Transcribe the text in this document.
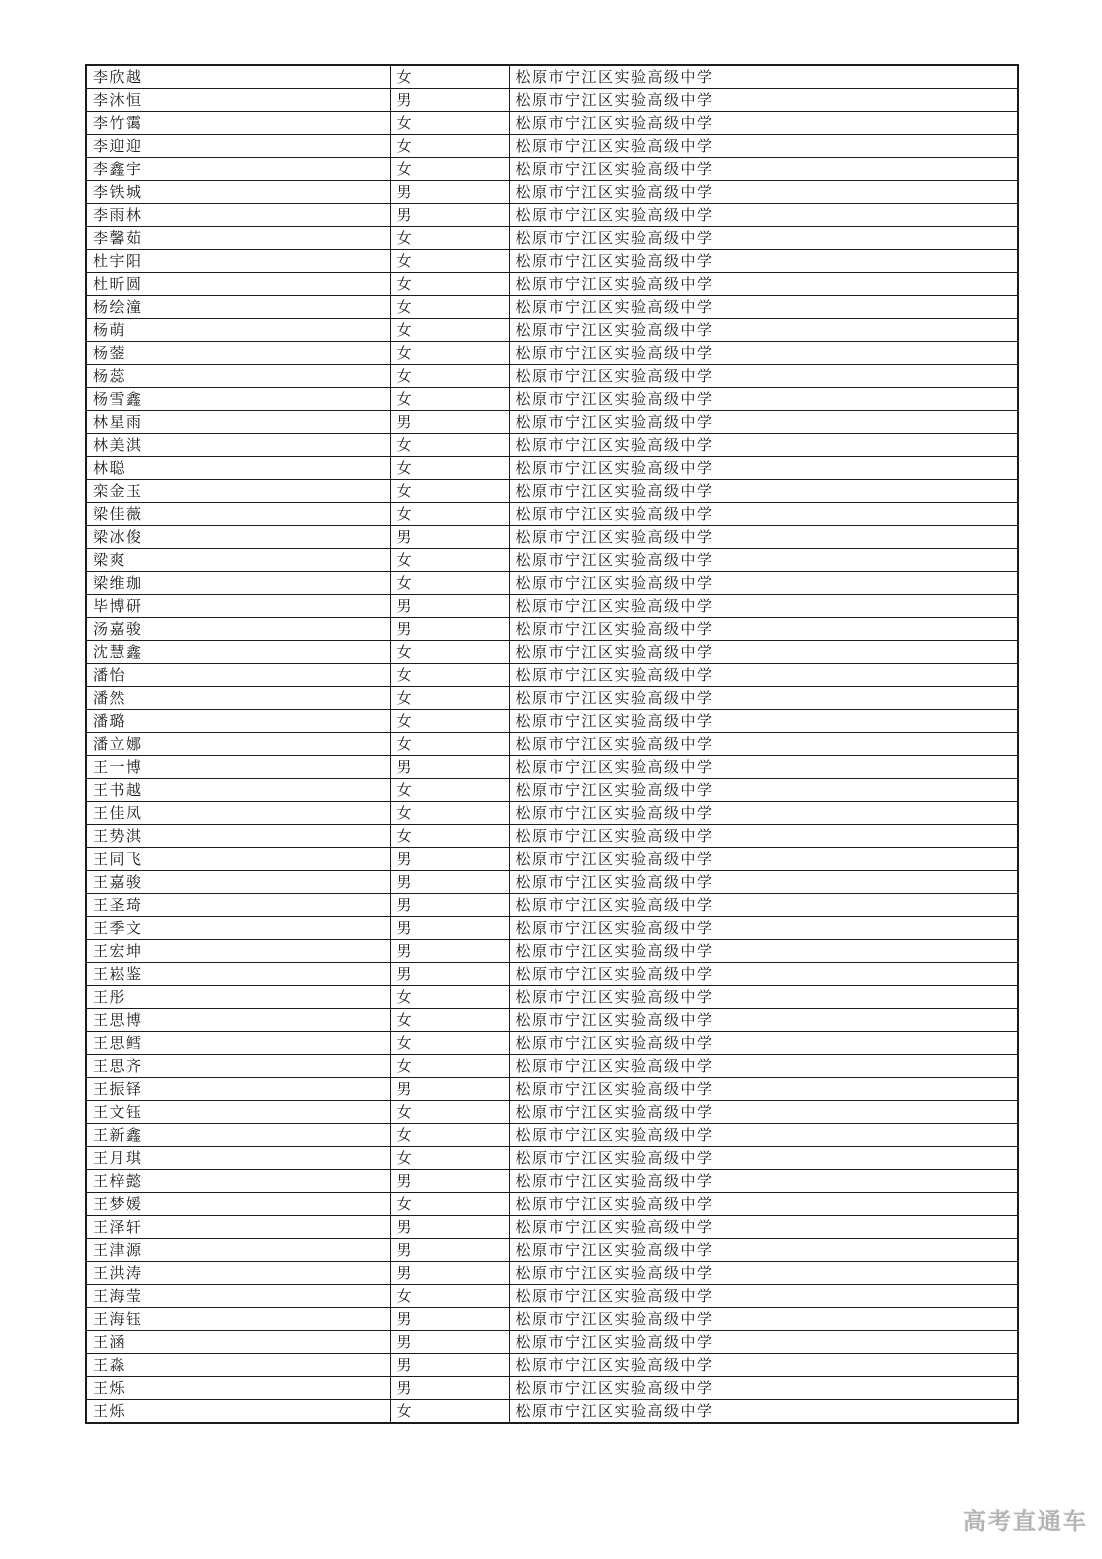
李欣越	女	松原市宁江区实验高级中学
李沐恒	男	松原市宁江区实验高级中学
李竹霭	女	松原市宁江区实验高级中学
李迎迎	女	松原市宁江区实验高级中学
李鑫宇	女	松原市宁江区实验高级中学
李铁城	男	松原市宁江区实验高级中学
李雨林	男	松原市宁江区实验高级中学
李馨茹	女	松原市宁江区实验高级中学
杜宇阳	女	松原市宁江区实验高级中学
杜昕圆	女	松原市宁江区实验高级中学
杨绘潼	女	松原市宁江区实验高级中学
杨萌	女	松原市宁江区实验高级中学
杨蓥	女	松原市宁江区实验高级中学
杨蕊	女	松原市宁江区实验高级中学
杨雪鑫	女	松原市宁江区实验高级中学
林星雨	男	松原市宁江区实验高级中学
林美淇	女	松原市宁江区实验高级中学
林聪	女	松原市宁江区实验高级中学
栾金玉	女	松原市宁江区实验高级中学
梁佳薇	女	松原市宁江区实验高级中学
梁冰俊	男	松原市宁江区实验高级中学
梁爽	女	松原市宁江区实验高级中学
梁维珈	女	松原市宁江区实验高级中学
毕博研	男	松原市宁江区实验高级中学
汤嘉骏	男	松原市宁江区实验高级中学
沈慧鑫	女	松原市宁江区实验高级中学
潘怡	女	松原市宁江区实验高级中学
潘然	女	松原市宁江区实验高级中学
潘璐	女	松原市宁江区实验高级中学
潘立娜	女	松原市宁江区实验高级中学
王一博	男	松原市宁江区实验高级中学
王书越	女	松原市宁江区实验高级中学
王佳凤	女	松原市宁江区实验高级中学
王势淇	女	松原市宁江区实验高级中学
王同飞	男	松原市宁江区实验高级中学
王嘉骏	男	松原市宁江区实验高级中学
王圣琦	男	松原市宁江区实验高级中学
王季文	男	松原市宁江区实验高级中学
王宏坤	男	松原市宁江区实验高级中学
王崧鉴	男	松原市宁江区实验高级中学
王彤	女	松原市宁江区实验高级中学
王思博	女	松原市宁江区实验高级中学
王思鳕	女	松原市宁江区实验高级中学
王思齐	女	松原市宁江区实验高级中学
王振铎	男	松原市宁江区实验高级中学
王文钰	女	松原市宁江区实验高级中学
王新鑫	女	松原市宁江区实验高级中学
王月琪	女	松原市宁江区实验高级中学
王梓懿	男	松原市宁江区实验高级中学
王梦媛	女	松原市宁江区实验高级中学
王泽轩	男	松原市宁江区实验高级中学
王津源	男	松原市宁江区实验高级中学
王洪涛	男	松原市宁江区实验高级中学
王海莹	女	松原市宁江区实验高级中学
王海钰	男	松原市宁江区实验高级中学
王涵	男	松原市宁江区实验高级中学
王淼	男	松原市宁江区实验高级中学
王烁	男	松原市宁江区实验高级中学
王烁	女	松原市宁江区实验高级中学
高考直通车
